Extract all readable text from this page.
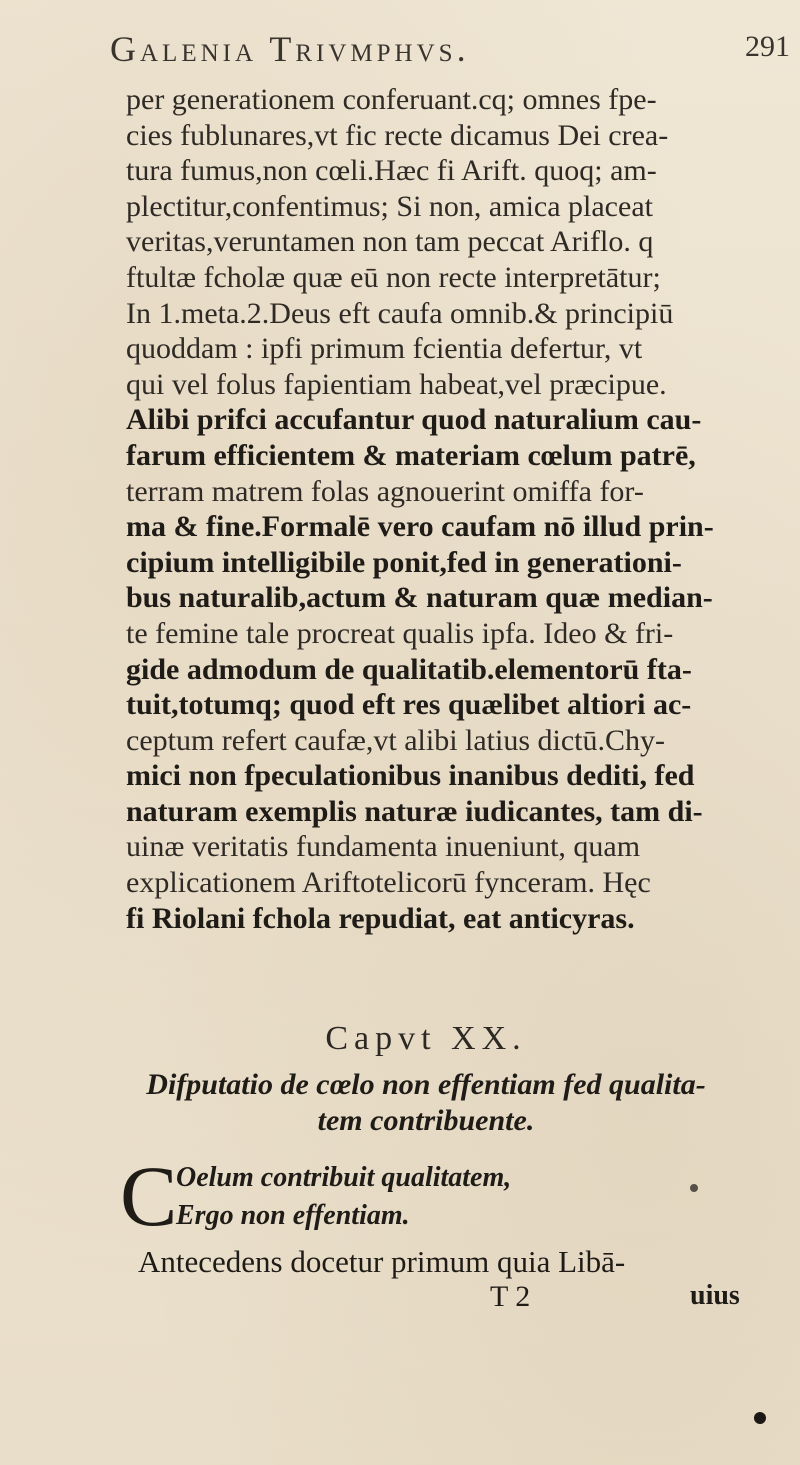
Galenia Trivmphvs.	291
per generationem conferuant.cq; omnes fpe-
cies fublunares,vt fic recte dicamus Dei crea-
tura fumus,non cœli.Hæc fi Arift. quoq; am-
plectitur,confentimus; Si non, amica placeat
veritas,veruntamen non tam peccat Ariflo. q
ftultæ fcholæ quæ eū non recte interpretātur;
In 1.meta.2.Deus eft caufa omnib.& principiū
quoddam : ipfi primum fcientia defertur, vt
qui vel folus fapientiam habeat,vel præcipue.
Alibi prifci accufantur quod naturalium cau-
farum efficientem & materiam cœlum patrē,
terram matrem folas agnouerint omiffa for-
ma & fine.Formalē vero caufam nō illud prin-
cipium intelligibile ponit,fed in generationi-
bus naturalib,actum & naturam quæ median-
te femine tale procreat qualis ipfa. Ideo & fri-
gide admodum de qualitatib.elementorū fta-
tuit,totumq; quod eft res quælibet altiori ac-
ceptum refert caufæ,vt alibi latius dictū.Chy-
mici non fpeculationibus inanibus dediti, fed
naturam exemplis naturæ iudicantes, tam di-
uinæ veritatis fundamenta inueniunt, quam
explicationem Ariftotelicorū fynceram. Hęc
fi Riolani fchola repudiat, eat anticyras.
Capvt XX.
Difputatio de cœlo non effentiam fed qualita-
tem contribuente.
C
Oelum contribuit qualitatem,
Ergo non effentiam.
Antecedens docetur primum quia Libā-
T 2	uius
